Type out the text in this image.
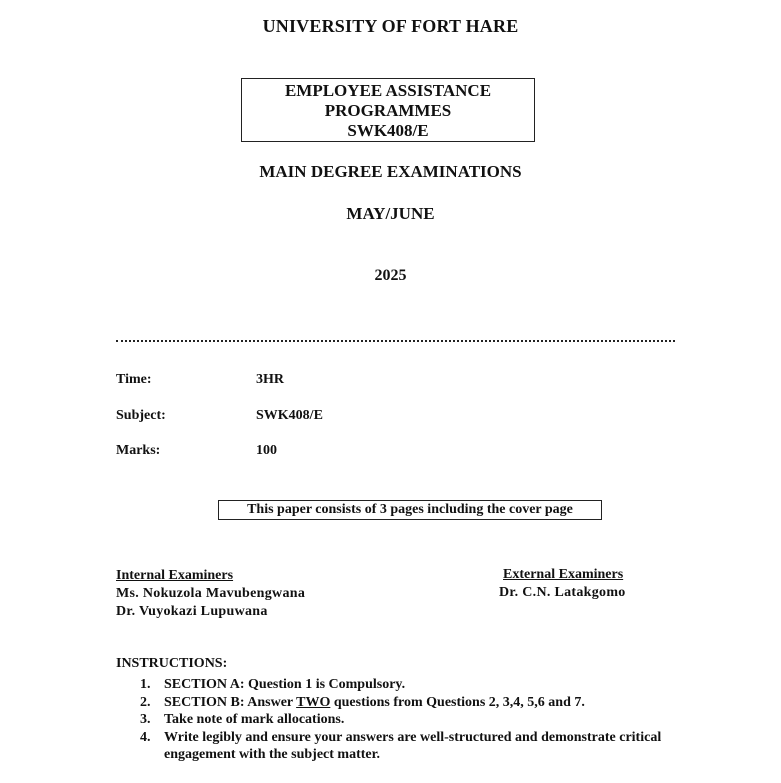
UNIVERSITY OF FORT HARE
EMPLOYEE ASSISTANCE
PROGRAMMES
SWK408/E
MAIN DEGREE EXAMINATIONS
MAY/JUNE
2025
Time:	3HR
Subject:	SWK408/E
Marks:	100
This paper consists of 3 pages including the cover page
Internal Examiners
Ms. Nokuzola Mavubengwana
Dr. Vuyokazi Lupuwana
External Examiners
Dr. C.N. Latakgomo
INSTRUCTIONS:
1. SECTION A: Question 1 is Compulsory.
2. SECTION B: Answer TWO questions from Questions 2, 3,4, 5,6 and 7.
3. Take note of mark allocations.
4. Write legibly and ensure your answers are well-structured and demonstrate critical engagement with the subject matter.
